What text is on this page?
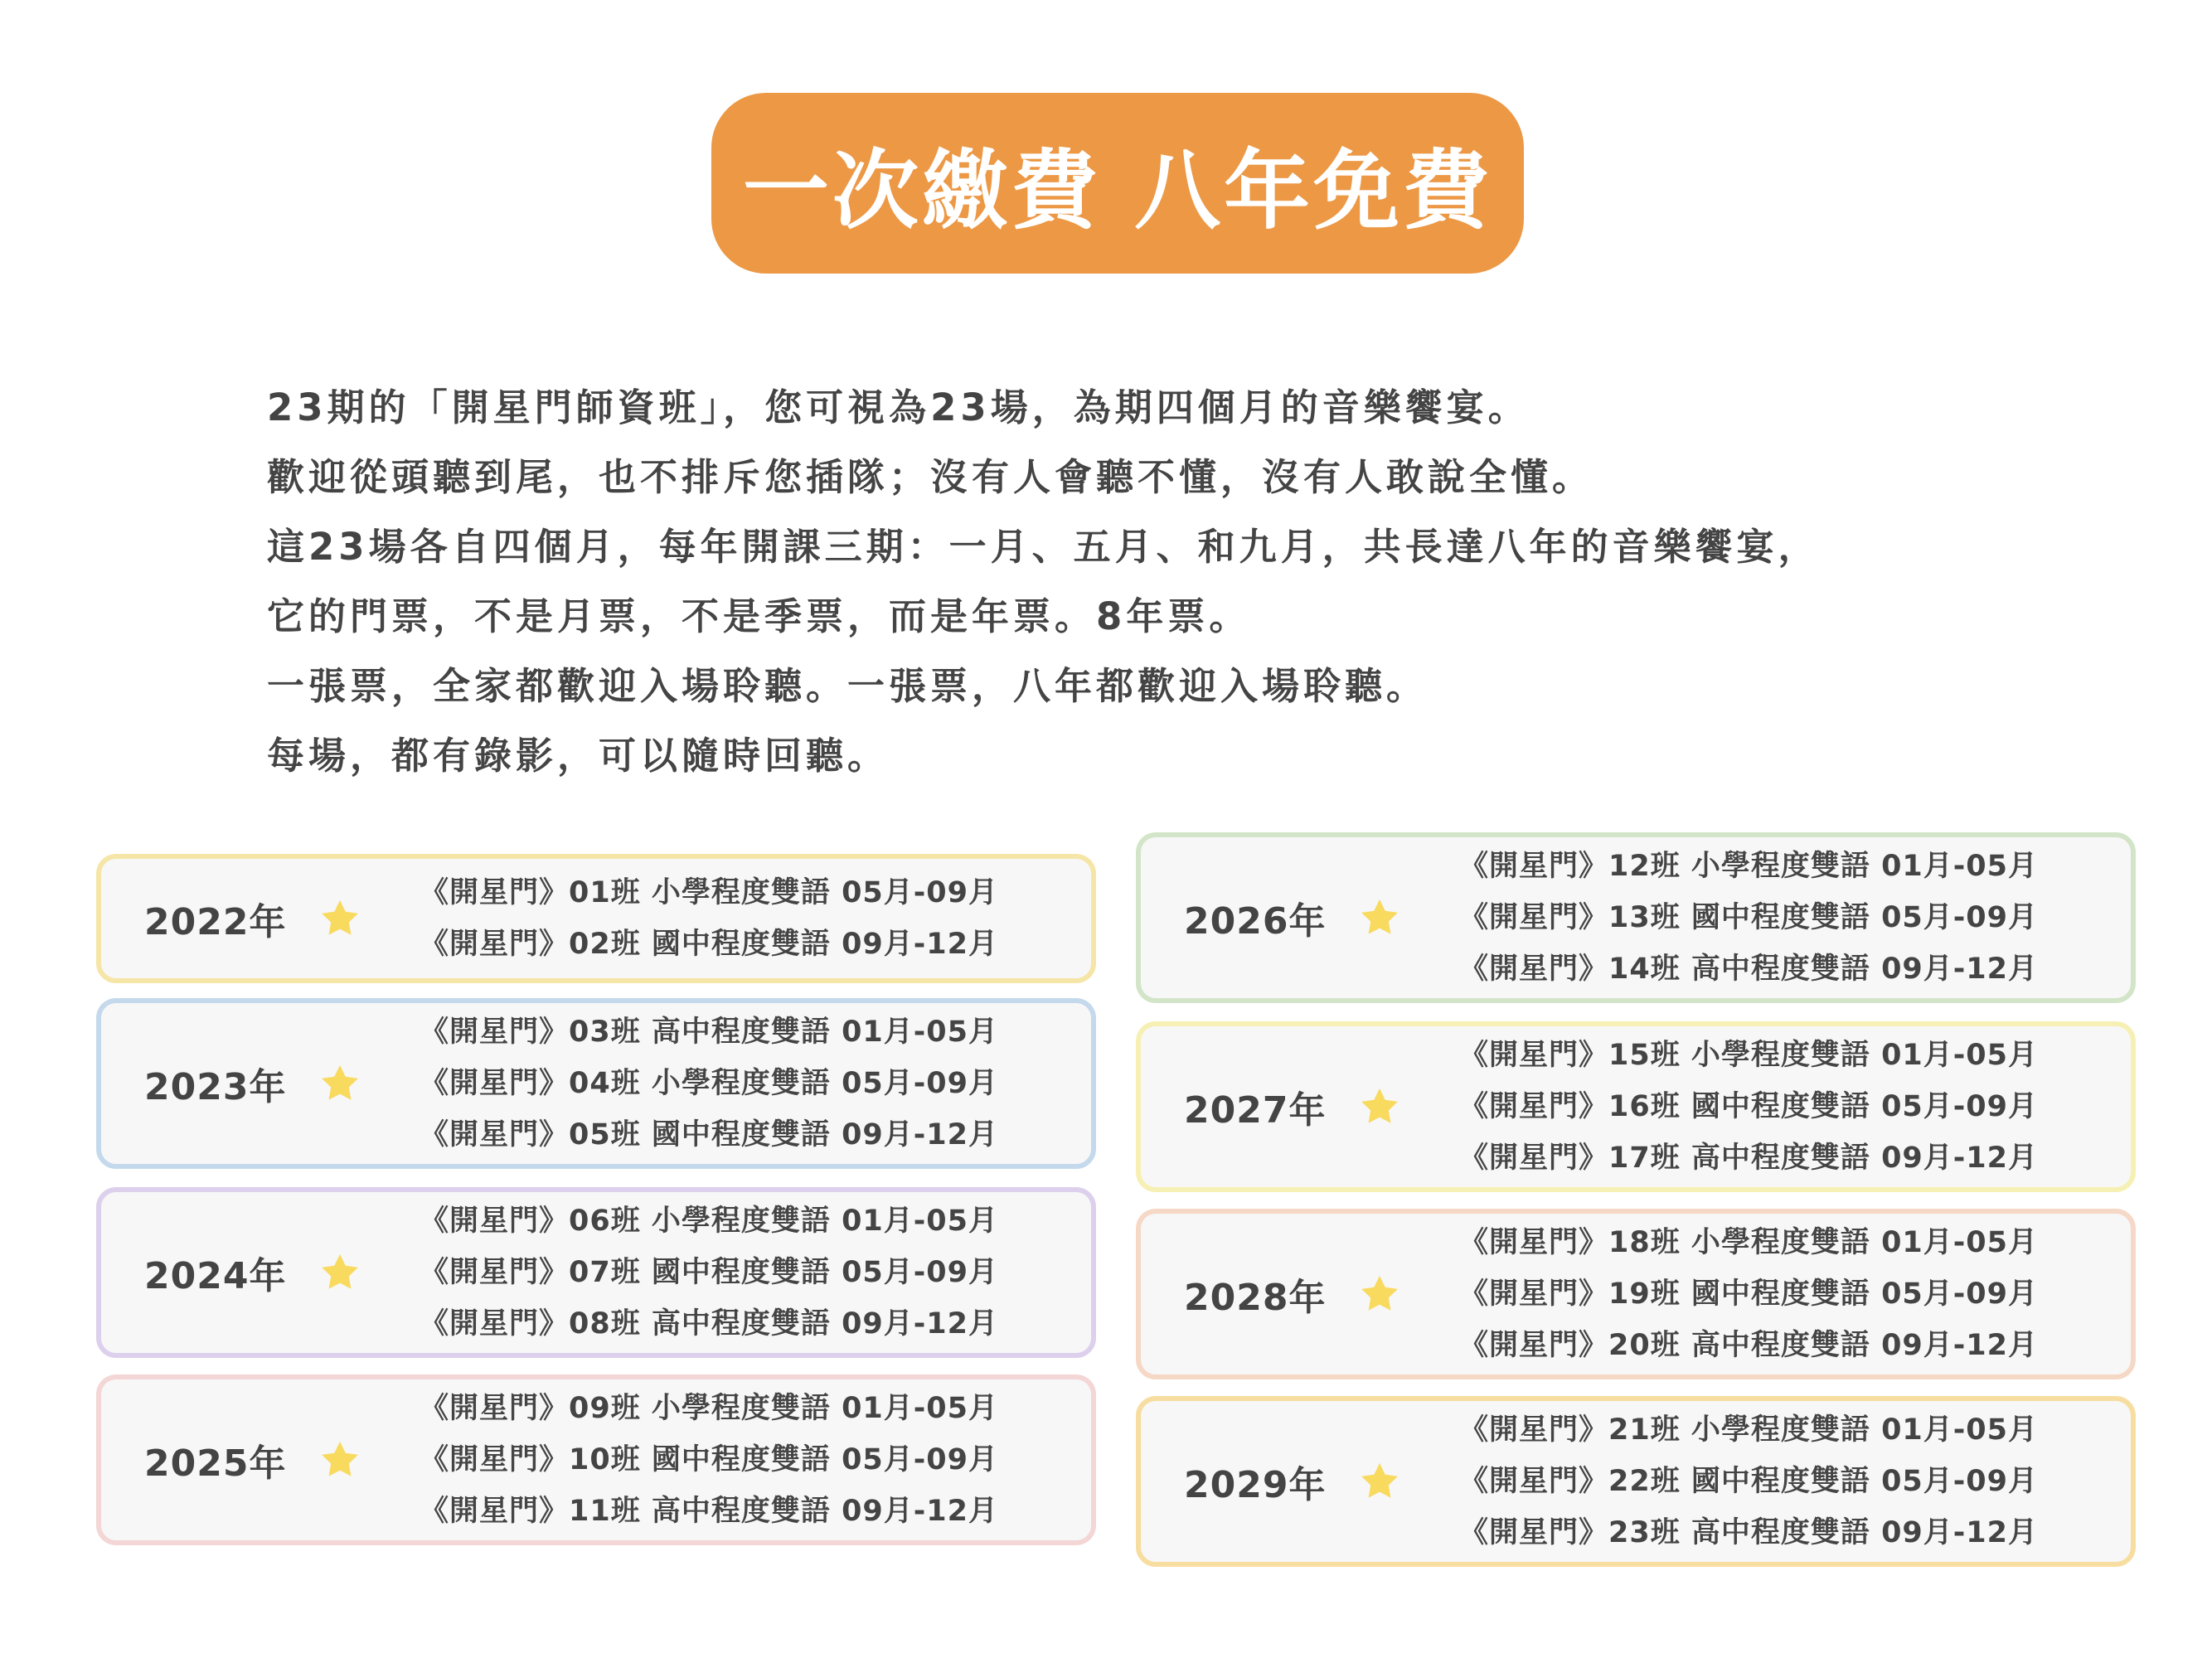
一次繳費 八年免費
23期的「開星門師資班」，您可視為23場，為期四個月的音樂饗宴。
歡迎從頭聽到尾，也不排斥您插隊；沒有人會聽不懂，沒有人敢說全懂。
這23場各自四個月，每年開課三期：一月、五月、和九月，共長達八年的音樂饗宴，
它的門票，不是月票，不是季票，而是年票。8年票。
一張票，全家都歡迎入場聆聽。一張票，八年都歡迎入場聆聽。
每場，都有錄影，可以隨時回聽。
2022年
《開星門》01班 小學程度雙語 05月-09月
《開星門》02班 國中程度雙語 09月-12月
2023年
《開星門》03班 高中程度雙語 01月-05月
《開星門》04班 小學程度雙語 05月-09月
《開星門》05班 國中程度雙語 09月-12月
2024年
《開星門》06班 小學程度雙語 01月-05月
《開星門》07班 國中程度雙語 05月-09月
《開星門》08班 高中程度雙語 09月-12月
2025年
《開星門》09班 小學程度雙語 01月-05月
《開星門》10班 國中程度雙語 05月-09月
《開星門》11班 高中程度雙語 09月-12月
2026年
《開星門》12班 小學程度雙語 01月-05月
《開星門》13班 國中程度雙語 05月-09月
《開星門》14班 高中程度雙語 09月-12月
2027年
《開星門》15班 小學程度雙語 01月-05月
《開星門》16班 國中程度雙語 05月-09月
《開星門》17班 高中程度雙語 09月-12月
2028年
《開星門》18班 小學程度雙語 01月-05月
《開星門》19班 國中程度雙語 05月-09月
《開星門》20班 高中程度雙語 09月-12月
2029年
《開星門》21班 小學程度雙語 01月-05月
《開星門》22班 國中程度雙語 05月-09月
《開星門》23班 高中程度雙語 09月-12月
